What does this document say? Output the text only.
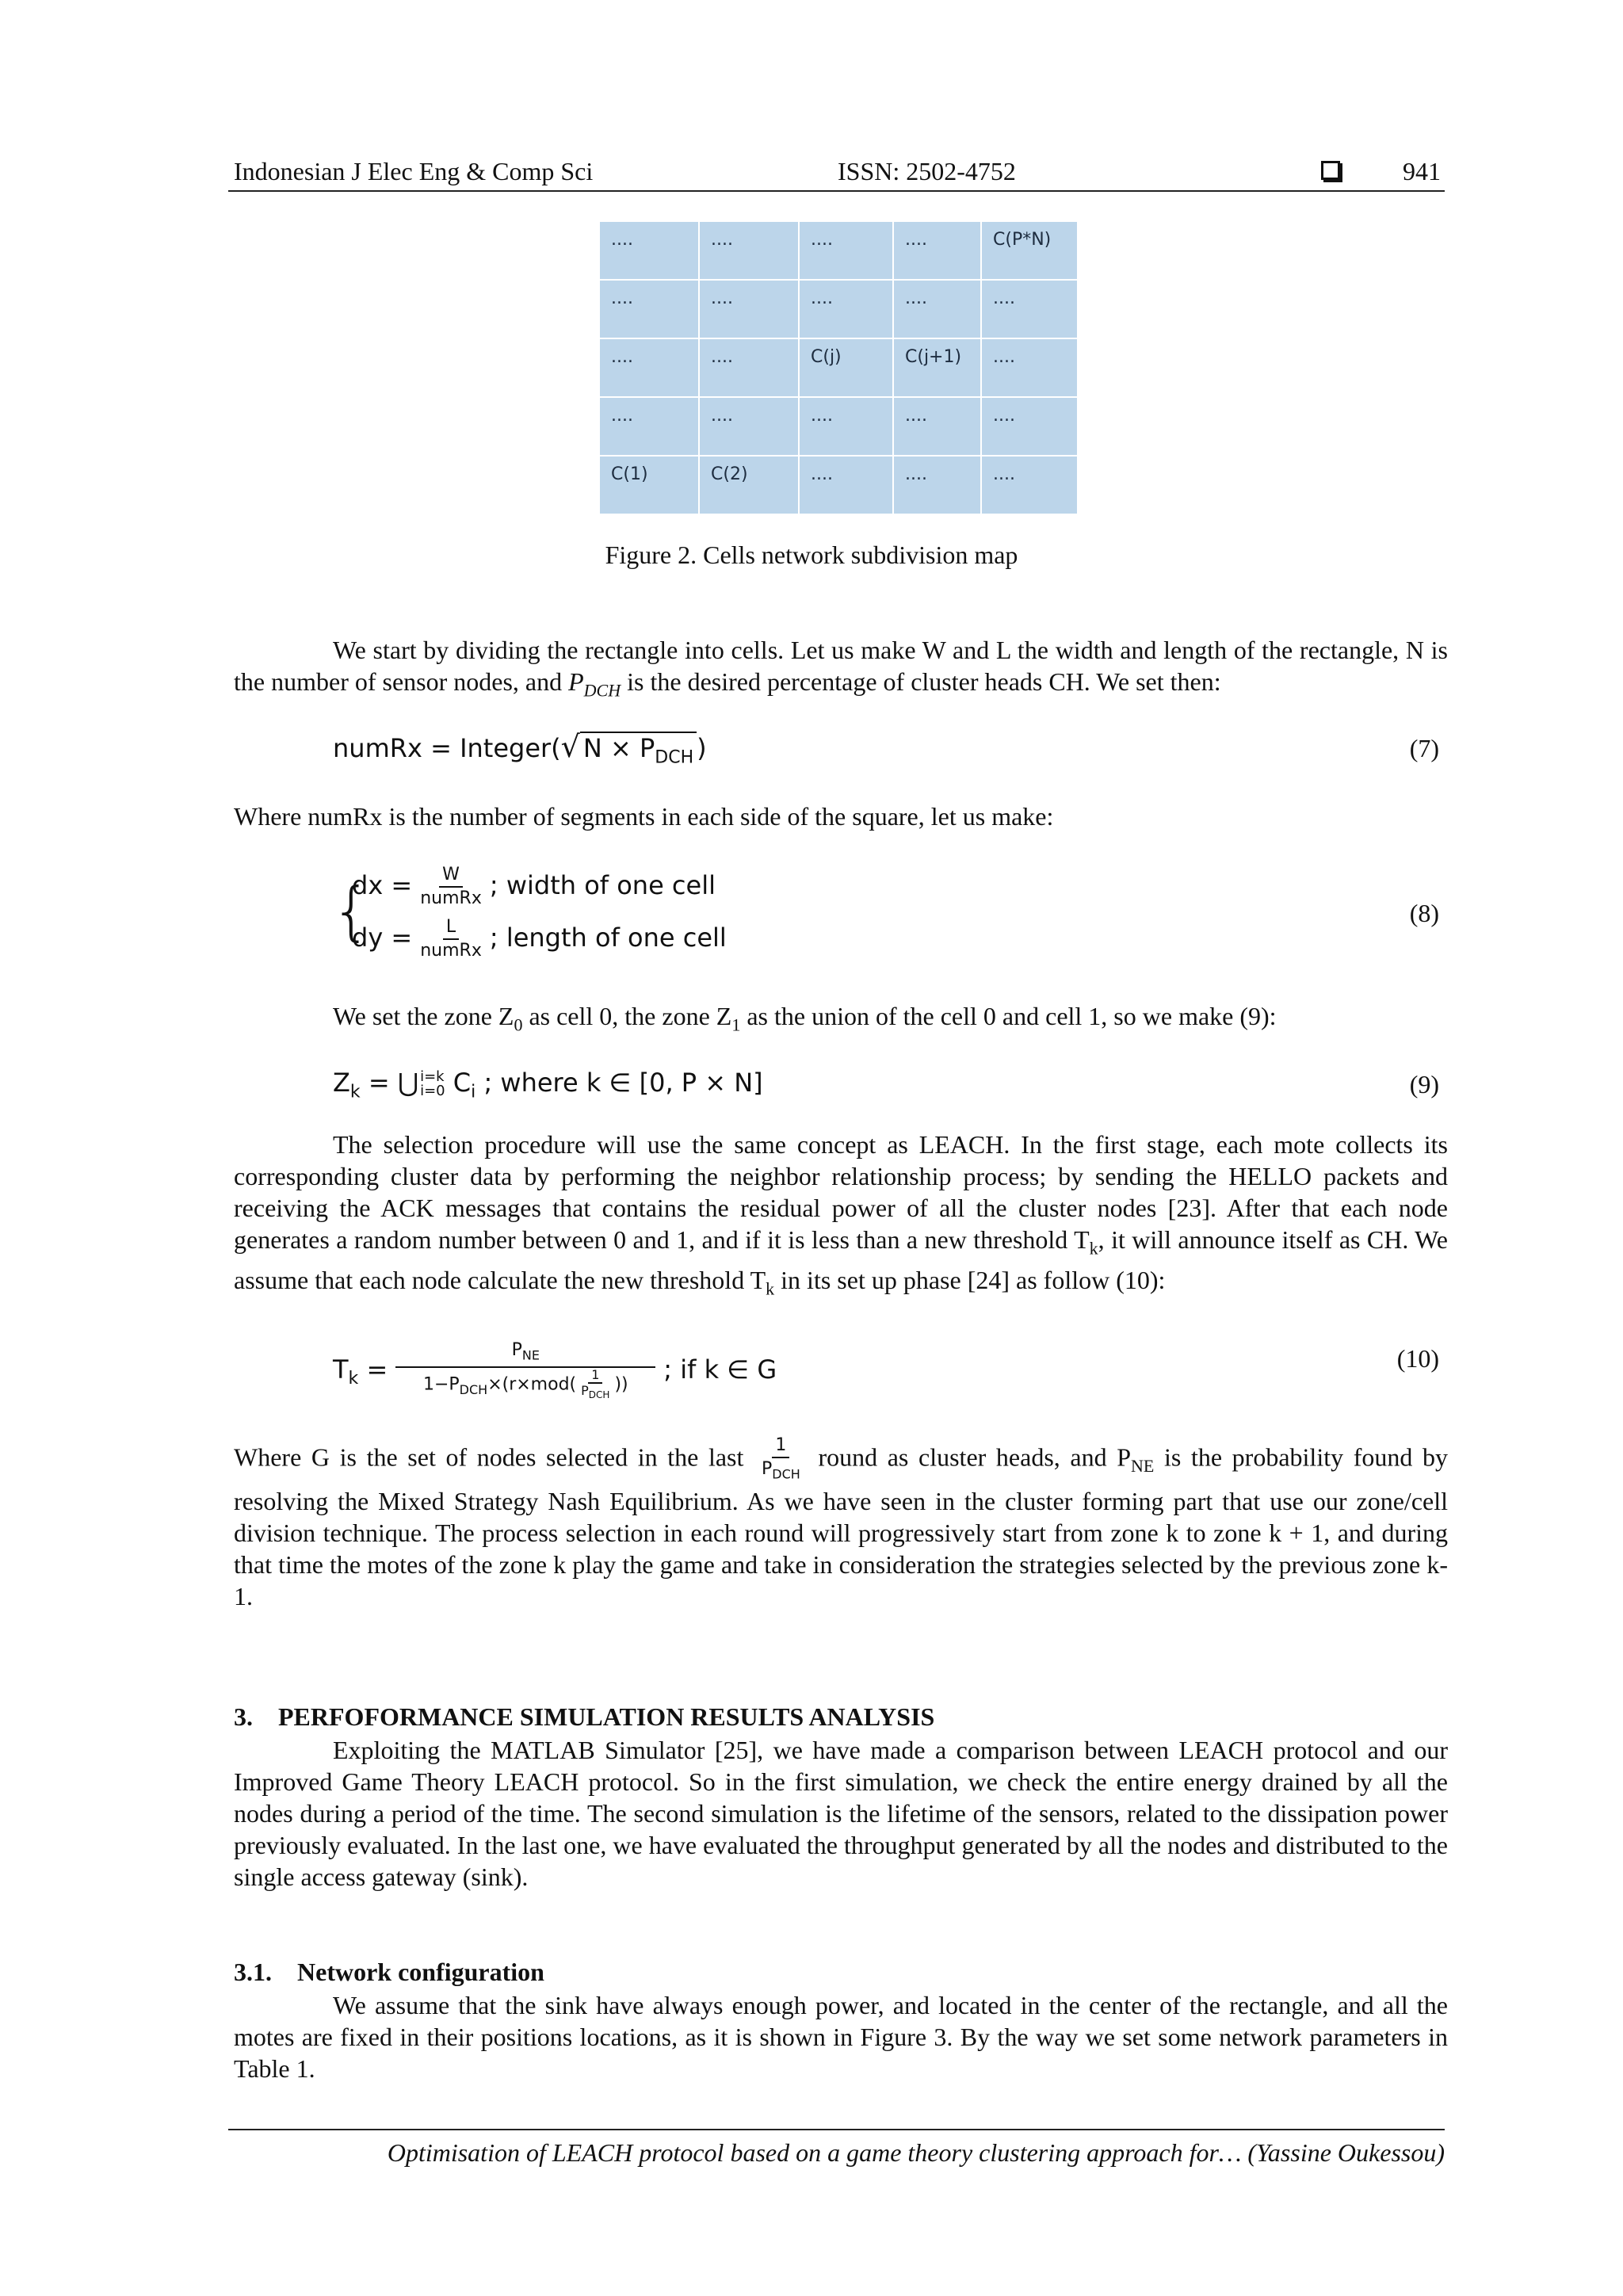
Indonesian J Elec Eng & Comp Sci	ISSN: 2502-4752	941
....	....	....	....	C(P*N)
....	....	....	....	....
....	....	C(j)	C(j+1)	....
....	....	....	....	....
C(1)	C(2)	....	....	....
Figure 2. Cells network subdivision map
We start by dividing the rectangle into cells. Let us make W and L the width and length of the rectangle, N is the number of sensor nodes, and $P_{DCH}$ is the desired percentage of cluster heads CH. We set then:
numRx = Integer(√ $N \times P_{DCH}$ )	(7)
Where numRx is the number of segments in each side of the square, let us make:
{
dx = $\frac{W}{\text{numRx}}$ ; width of one cell
dy = $\frac{L}{\text{numRx}}$ ; length of one cell
(8)
We set the zone $Z_0$ as cell 0, the zone $Z_1$ as the union of the cell 0 and cell 1, so we make (9):
$Z_k$ = ⋃ i=k
i=0 $C_i$ ; where k ∈ [0, P × N]	(9)
The selection procedure will use the same concept as LEACH. In the first stage, each mote collects its corresponding cluster data by performing the neighbor relationship process; by sending the HELLO packets and receiving the ACK messages that contains the residual power of all the cluster nodes [23]. After that each node generates a random number between 0 and 1, and if it is less than a new threshold $T_k$, it will announce itself as CH. We assume that each node calculate the new threshold $T_k$ in its set up phase [24] as follow (10):
$T_k = \frac{P_{NE}}{1-P_{DCH}\times(r\times mod( \frac{1}{P_{DCH}} ))}$ ; if k ∈ G	(10)
Where G is the set of nodes selected in the last $\frac{1}{P_{DCH}}$ round as cluster heads, and $P_{NE}$ is the probability found by resolving the Mixed Strategy Nash Equilibrium. As we have seen in the cluster forming part that use our zone/cell division technique. The process selection in each round will progressively start from zone k to zone k + 1, and during that time the motes of the zone k play the game and take in consideration the strategies selected by the previous zone k-1.
3. PERFOFORMANCE SIMULATION RESULTS ANALYSIS
Exploiting the MATLAB Simulator [25], we have made a comparison between LEACH protocol and our Improved Game Theory LEACH protocol. So in the first simulation, we check the entire energy drained by all the nodes during a period of the time. The second simulation is the lifetime of the sensors, related to the dissipation power previously evaluated. In the last one, we have evaluated the throughput generated by all the nodes and distributed to the single access gateway (sink).
3.1. Network configuration
We assume that the sink have always enough power, and located in the center of the rectangle, and all the motes are fixed in their positions locations, as it is shown in Figure 3. By the way we set some network parameters in Table 1.
Optimisation of LEACH protocol based on a game theory clustering approach for… (Yassine Oukessou)
